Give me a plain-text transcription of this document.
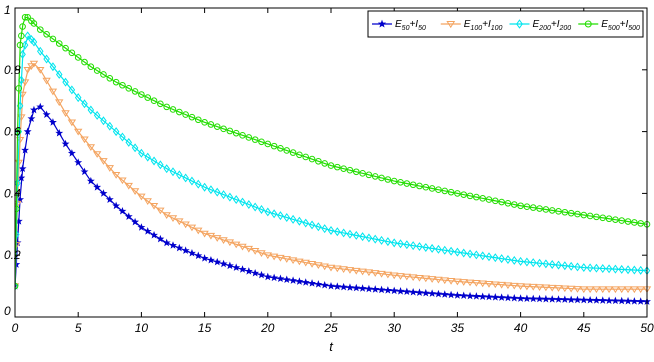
0	5	10	15	20	25	30	35	40	45	50
0
0.2
0.4
0.6
0.8
1
t
$E_{50}+I_{50}$	$E_{100}+I_{100}$	$E_{200}+I_{200}$	$E_{500}+I_{500}$
